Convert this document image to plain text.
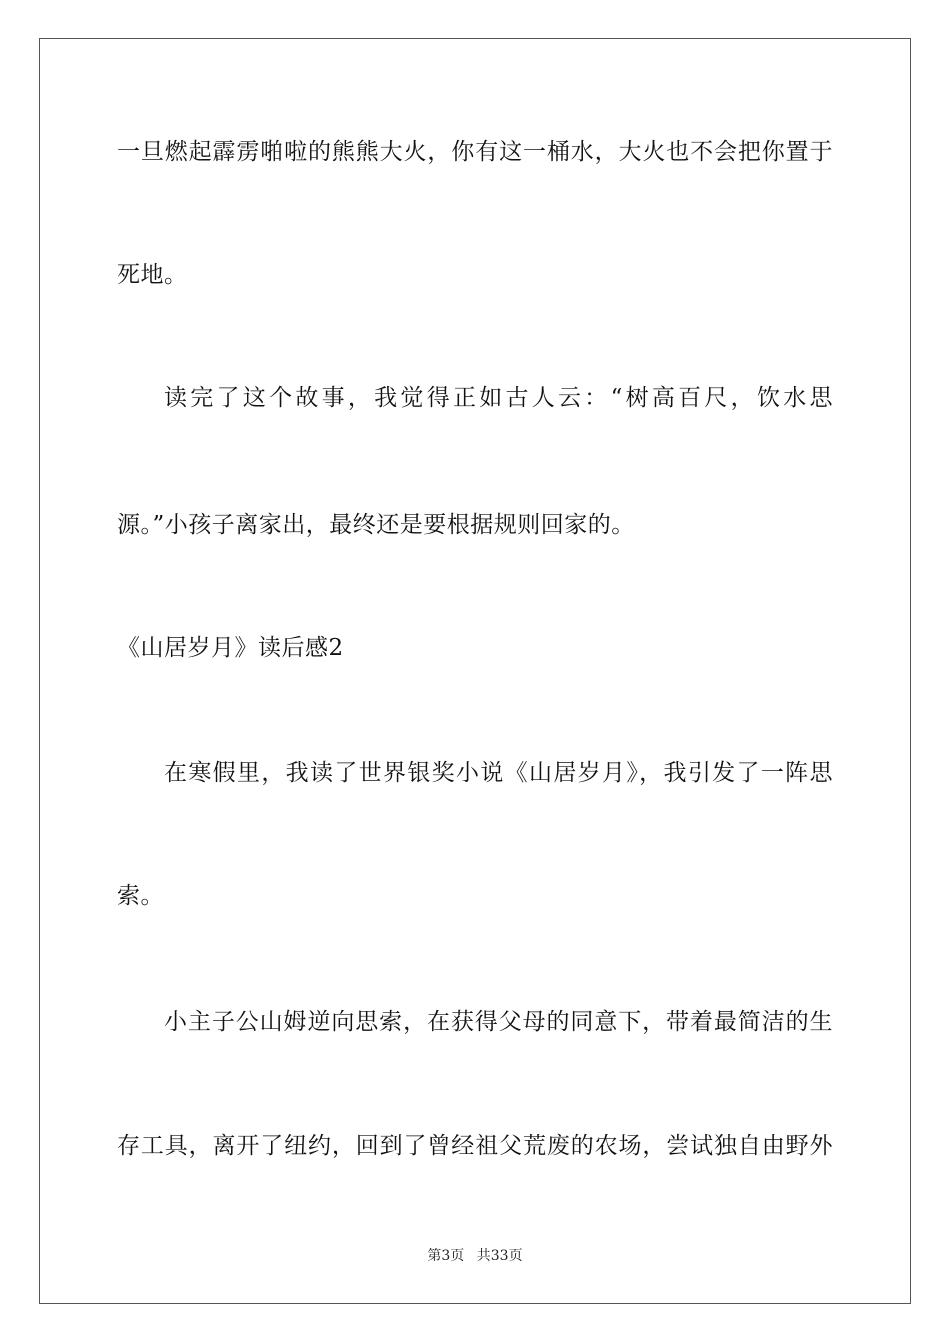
一旦燃起霹雳啪啦的熊熊大火，你有这一桶水，大火也不会把你置于
死地。
读完了这个故事，我觉得正如古人云：“树高百尺，饮水思
源。”小孩子离家出，最终还是要根据规则回家的。
《山居岁月》读后感2
在寒假里，我读了世界银奖小说《山居岁月》，我引发了一阵思
索。
小主子公山姆逆向思索，在获得父母的同意下，带着最简洁的生
存工具，离开了纽约，回到了曾经祖父荒废的农场，尝试独自由野外
第3页 共33页
